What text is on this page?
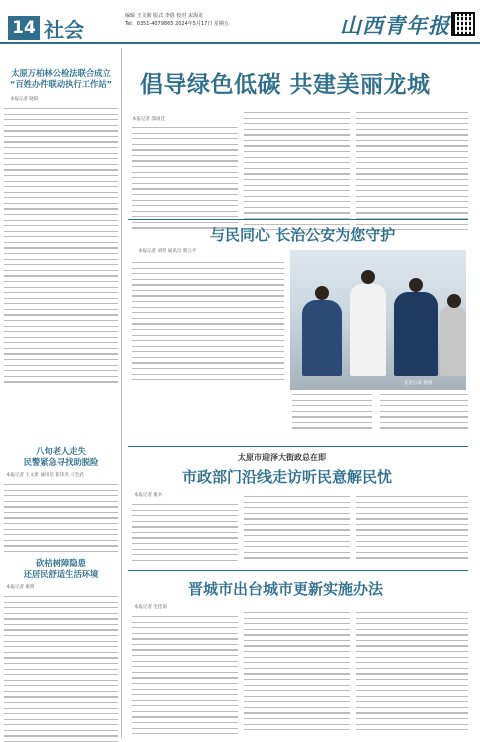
14 社会
编辑 王文新 版式 李倩 校对 宋海龙
Tel：0351-4079865 2024年5月17日 星期五	山西青年报
太原万柏林公检法联合成立
“百姓办件联动执行工作站”
本报记者 晓阳
八旬老人走失
民警紧急寻找助脱险
本报记者 王文新 通讯员 崔伟杰 刁会武
砍桔树障隐患
还居民舒适生活环境
本报记者 康明
倡导绿色低碳 共建美丽龙城
本报记者 邵雨佳
与民同心 长治公安为您守护
本报记者 刘琴 通讯员 郭云平
长治公安 供图
太原市迎泽大街政总在即
市政部门沿线走访听民意解民忧
本报记者 康兵
晋城市出台城市更新实施办法
本报记者 宅佳萌
